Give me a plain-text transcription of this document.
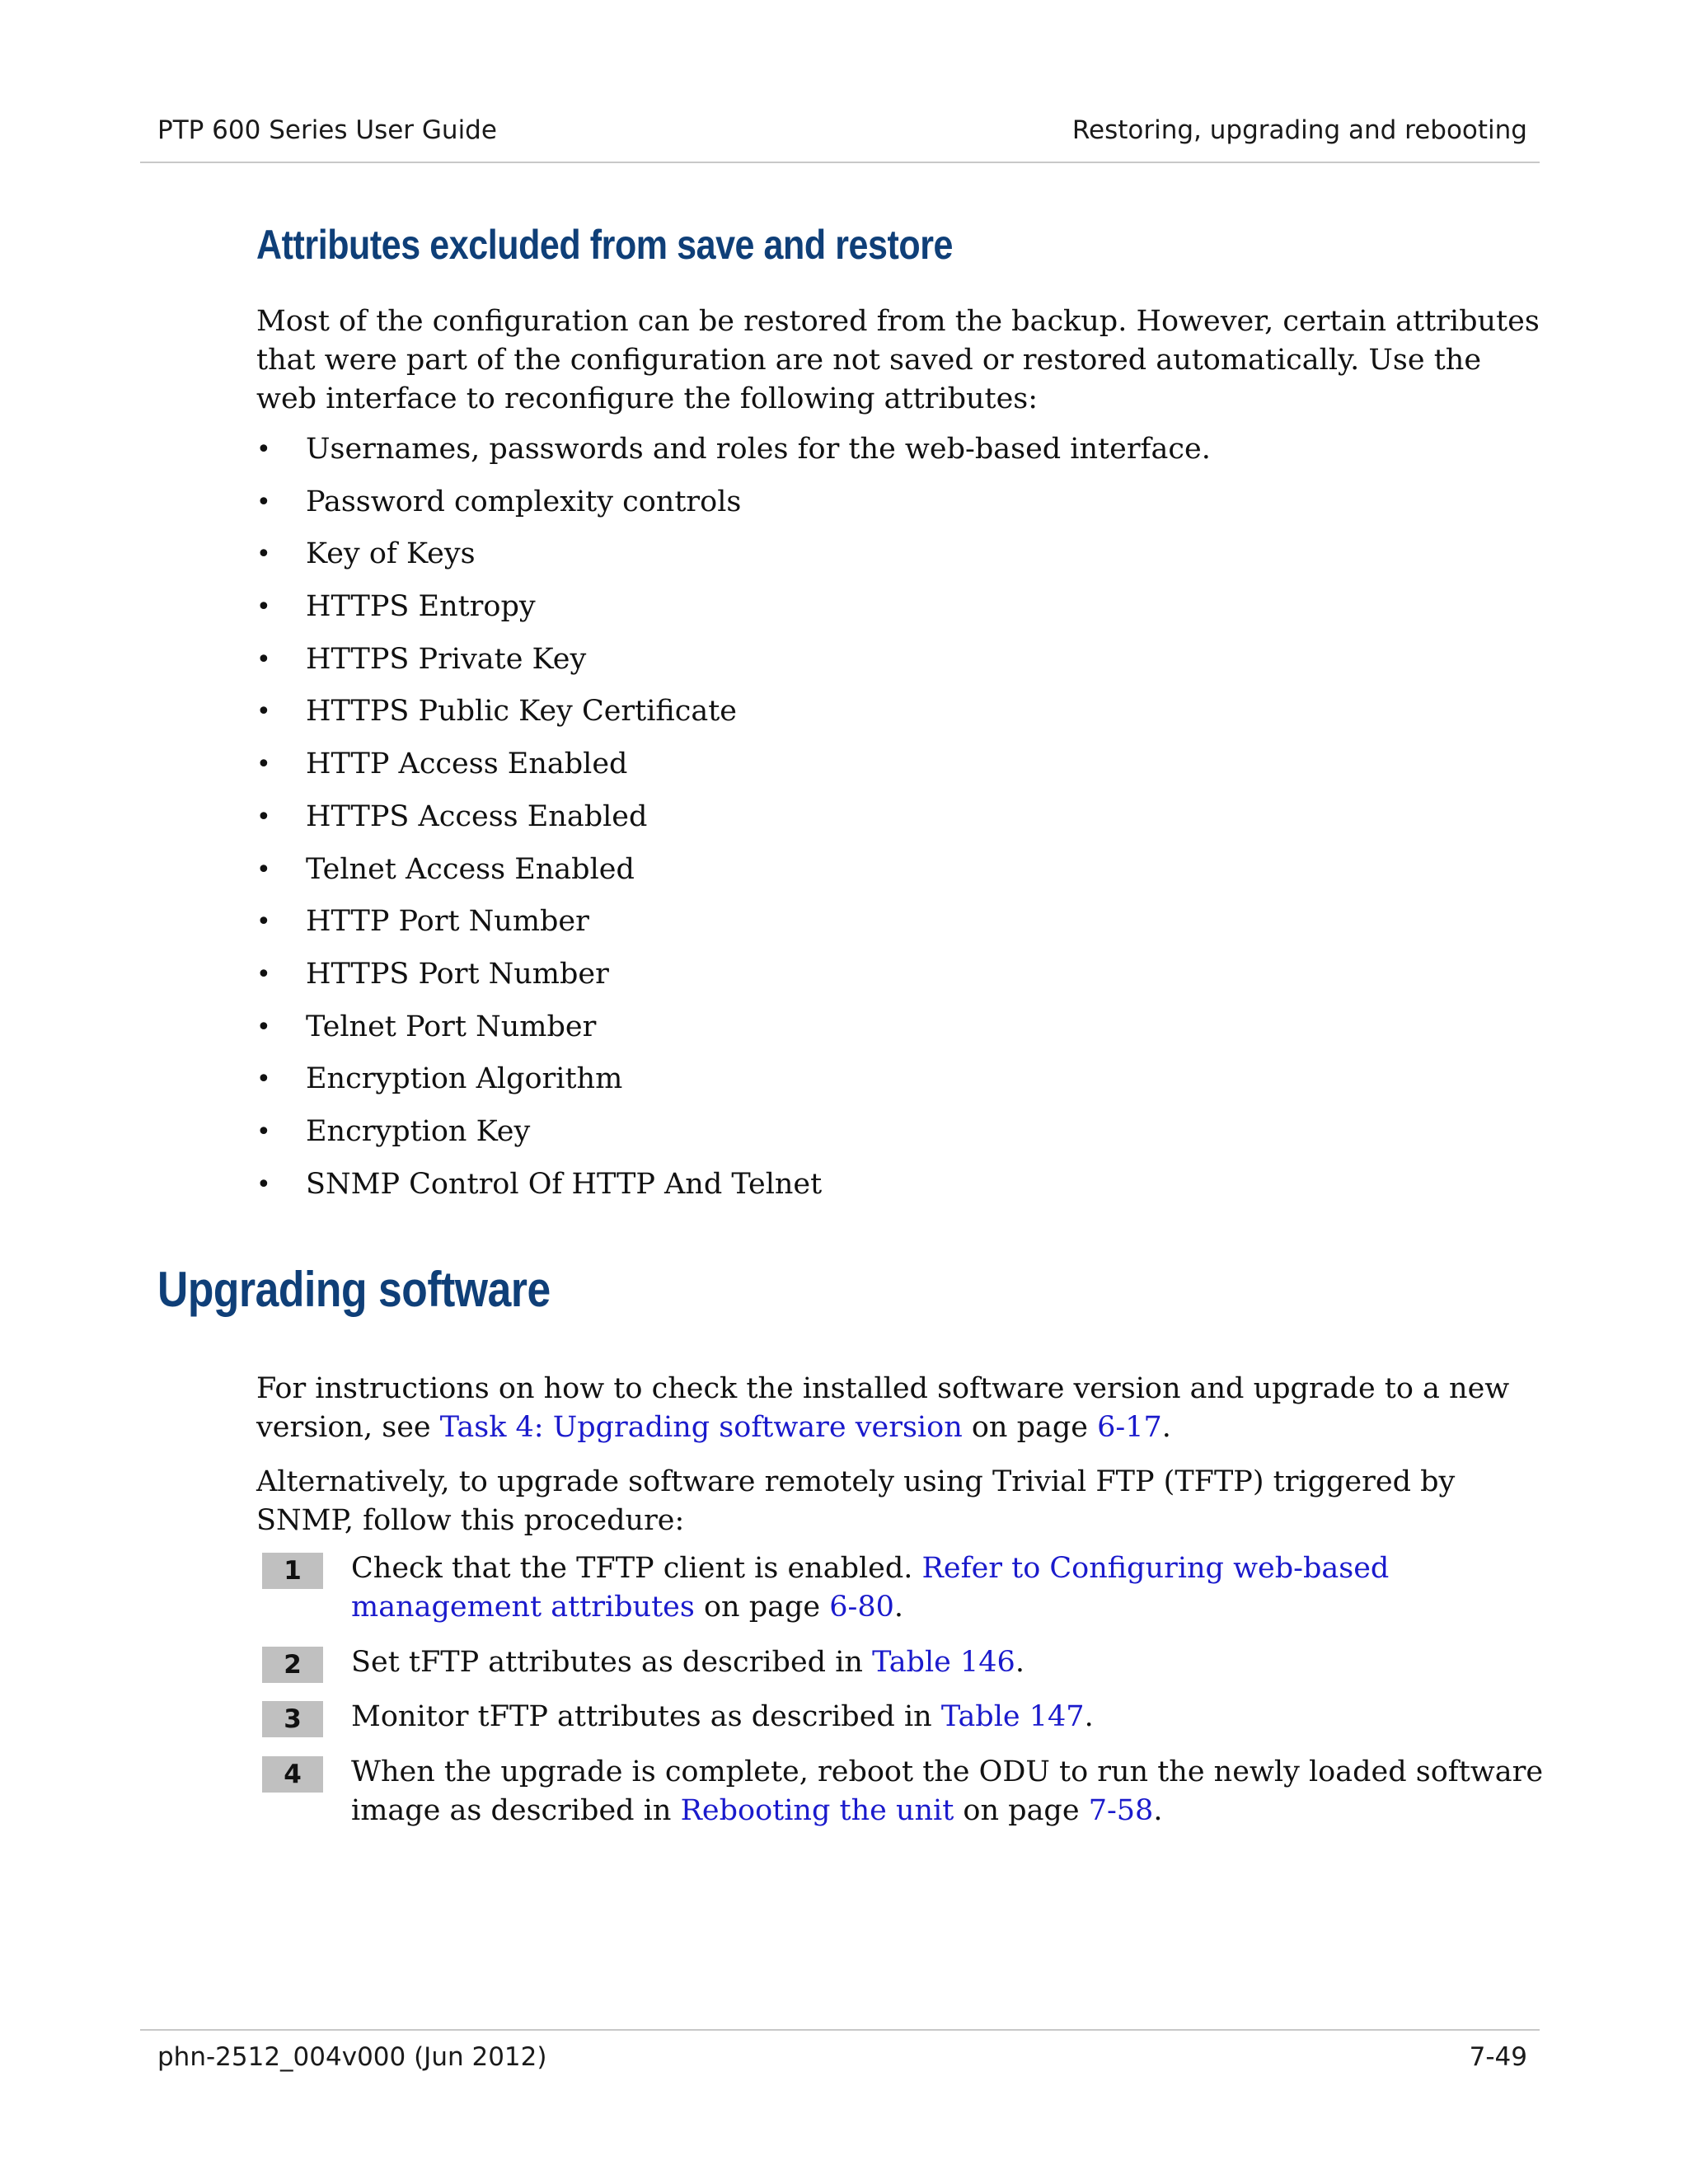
PTP 600 Series User Guide	Restoring, upgrading and rebooting
Attributes excluded from save and restore

Most of the configuration can be restored from the backup. However, certain attributes that were part of the configuration are not saved or restored automatically. Use the web interface to reconfigure the following attributes:

• Usernames, passwords and roles for the web-based interface.
• Password complexity controls
• Key of Keys
• HTTPS Entropy
• HTTPS Private Key
• HTTPS Public Key Certificate
• HTTP Access Enabled
• HTTPS Access Enabled
• Telnet Access Enabled
• HTTP Port Number
• HTTPS Port Number
• Telnet Port Number
• Encryption Algorithm
• Encryption Key
• SNMP Control Of HTTP And Telnet
Upgrading software

For instructions on how to check the installed software version and upgrade to a new version, see Task 4: Upgrading software version on page 6-17.

Alternatively, to upgrade software remotely using Trivial FTP (TFTP) triggered by SNMP, follow this procedure:

1	Check that the TFTP client is enabled. Refer to Configuring web-based management attributes on page 6-80.

2	Set tFTP attributes as described in Table 146.

3	Monitor tFTP attributes as described in Table 147.

4	When the upgrade is complete, reboot the ODU to run the newly loaded software image as described in Rebooting the unit on page 7-58.

phn-2512_004v000 (Jun 2012)	7-49
